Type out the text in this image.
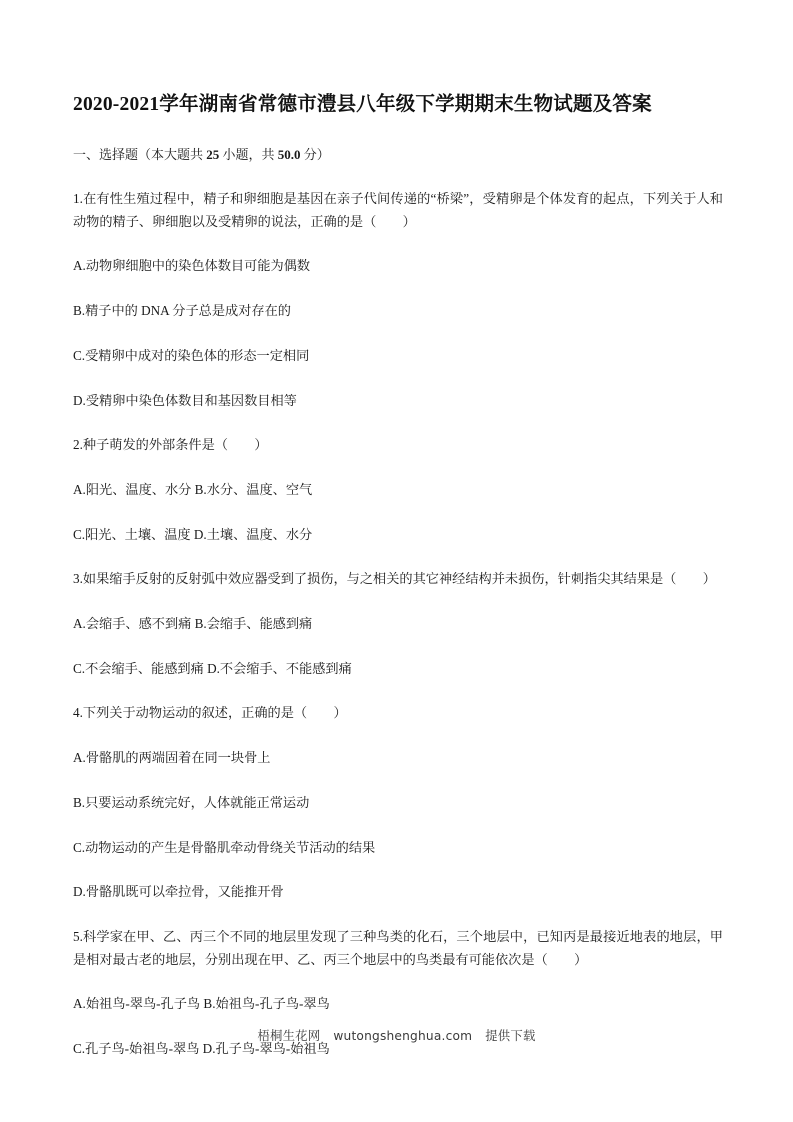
2020-2021学年湖南省常德市澧县八年级下学期期末生物试题及答案
一、选择题（本大题共 25 小题，共 50.0 分）

1.在有性生殖过程中，精子和卵细胞是基因在亲子代间传递的“桥梁”，受精卵是个体发育的起点，下列关于人和动物的精子、卵细胞以及受精卵的说法，正确的是（　　）

A.动物卵细胞中的染色体数目可能为偶数

B.精子中的 DNA 分子总是成对存在的

C.受精卵中成对的染色体的形态一定相同

D.受精卵中染色体数目和基因数目相等

2.种子萌发的外部条件是（　　）

A.阳光、温度、水分 B.水分、温度、空气

C.阳光、土壤、温度 D.土壤、温度、水分

3.如果缩手反射的反射弧中效应器受到了损伤，与之相关的其它神经结构并未损伤，针刺指尖其结果是（　　）

A.会缩手、感不到痛 B.会缩手、能感到痛

C.不会缩手、能感到痛 D.不会缩手、不能感到痛

4.下列关于动物运动的叙述，正确的是（　　）

A.骨骼肌的两端固着在同一块骨上

B.只要运动系统完好，人体就能正常运动

C.动物运动的产生是骨骼肌牵动骨绕关节活动的结果

D.骨骼肌既可以牵拉骨，又能推开骨

5.科学家在甲、乙、丙三个不同的地层里发现了三种鸟类的化石，三个地层中，已知丙是最接近地表的地层，甲是相对最古老的地层，分别出现在甲、乙、丙三个地层中的鸟类最有可能依次是（　　）

A.始祖鸟-翠鸟-孔子鸟 B.始祖鸟-孔子鸟-翠鸟

C.孔子鸟-始祖鸟-翠鸟 D.孔子鸟-翠鸟-始祖鸟

梧桐生花网 wutongshenghua.com 提供下载
